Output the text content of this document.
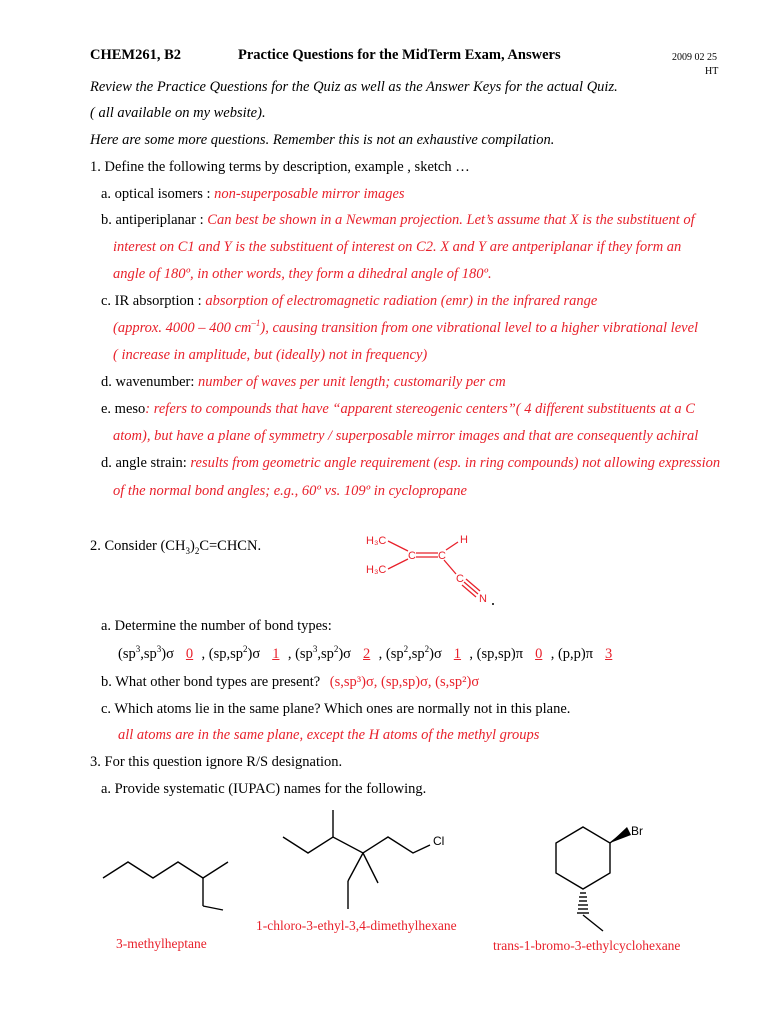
CHEM261, B2	Practice Questions for the MidTerm Exam, Answers	2009 02 25
HT
Review the Practice Questions for the Quiz as well as the Answer Keys for the actual Quiz.
( all available on my website).
Here are some more questions. Remember this is not an exhaustive compilation.
1. Define the following terms by description, example , sketch …
a. optical isomers : non-superposable mirror images
b. antiperiplanar : Can best be shown in a Newman projection. Let’s assume that X is the substituent of
interest on C1 and Y is the substituent of interest on C2. X and Y are antperiplanar if they form an
angle of 180º, in other words, they form a dihedral angle of 180º.
c. IR absorption : absorption of electromagnetic radiation (emr) in the infrared range
(approx. 4000 – 400 $cm^{-1}$), causing transition from one vibrational level to a higher vibrational level
( increase in amplitude, but (ideally) not in frequency)
d. wavenumber: number of waves per unit length; customarily per cm
e. meso: refers to compounds that have “apparent stereogenic centers”( 4 different substituents at a C
atom), but have a plane of symmetry / superposable mirror images and that are consequently achiral
d. angle strain: results from geometric angle requirement (esp. in ring compounds) not allowing expression
of the normal bond angles; e.g., 60º vs. 109º in cyclopropane
2. Consider $(CH_3)_2C=CHCN$.	H₃C
H₃C
C C
H
C
N
a. Determine the number of bond types:
$(sp^3,sp^3)\sigma$ 0 , $(sp,sp^2)\sigma$ 1 , $(sp^3,sp^2)\sigma$ 2 , $(sp^2,sp^2)\sigma$ 1 , (sp,sp)π 0 , (p,p)π 3
b. What other bond types are present? (s,sp³)σ, (sp,sp)σ, (s,sp²)σ
c. Which atoms lie in the same plane? Which ones are normally not in this plane.
all atoms are in the same plane, except the H atoms of the methyl groups
3. For this question ignore R/S designation.
a. Provide systematic (IUPAC) names for the following.
3-methylheptane
Cl
1-chloro-3-ethyl-3,4-dimethylhexane
Br
trans-1-bromo-3-ethylcyclohexane
